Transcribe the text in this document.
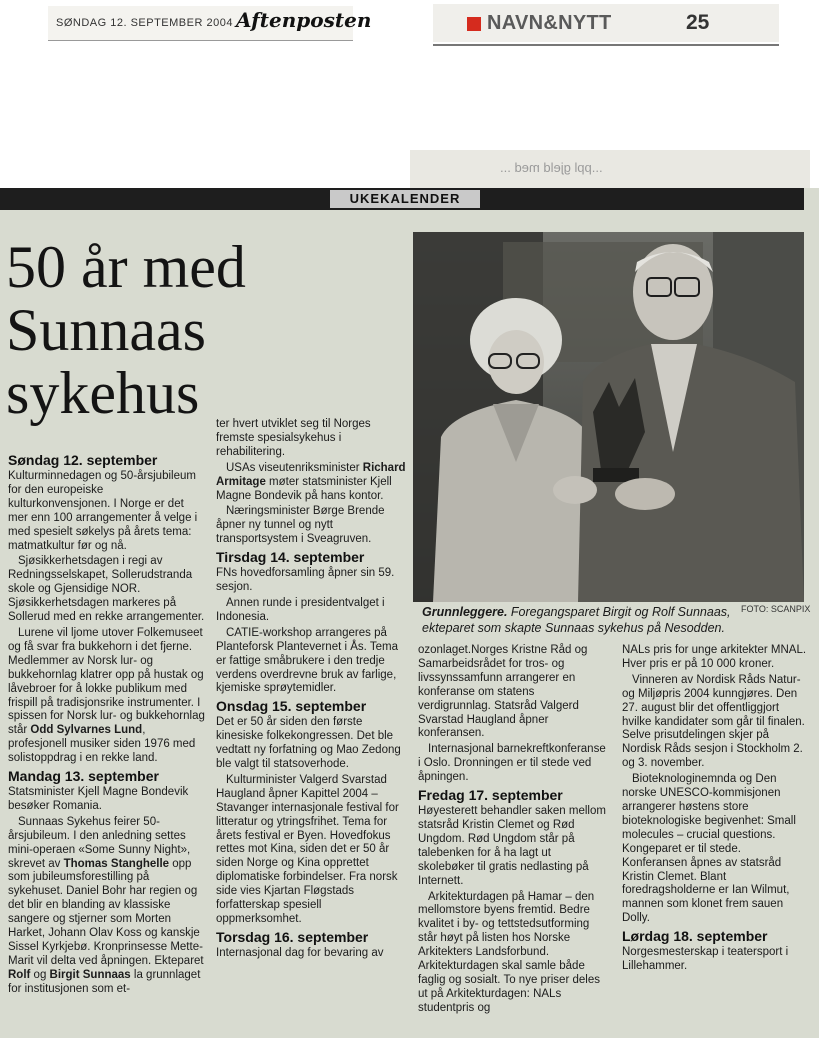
SØNDAG 12. SEPTEMBER 2004 Aftenposten	NAVN&NYTT	25
...ppl gjeld med ...
UKEKALENDER
50 år med Sunnaas sykehus
FOTO: SCANPIX
Grunnleggere. Foregangsparet Birgit og Rolf Sunnaas, ekteparet som skapte Sunnaas sykehus på Nesodden.
Søndag 12. september

Kulturminnedagen og 50-årsjubileum for den europeiske kulturkonvensjonen. I Norge er det mer enn 100 arrangementer å velge i med spesielt søkelys på årets tema: matmatkultur før og nå.

Sjøsikkerhetsdagen i regi av Redningsselskapet, Sollerudstranda skole og Gjensidige NOR. Sjøsikkerhetsdagen markeres på Sollerud med en rekke arrangementer.

Lurene vil ljome utover Folkemuseet og få svar fra bukkehorn i det fjerne. Medlemmer av Norsk lur- og bukkehornlag klatrer opp på hustak og låvebroer for å lokke publikum med frispill på tradisjonsrike instrumenter. I spissen for Norsk lur- og bukkehornlag står Odd Sylvarnes Lund, profesjonell musiker siden 1976 med solistoppdrag i en rekke land.

Mandag 13. september

Statsminister Kjell Magne Bondevik besøker Romania.

Sunnaas Sykehus feirer 50-årsjubileum. I den anledning settes mini-operaen «Some Sunny Night», skrevet av Thomas Stanghelle opp som jubileumsforestilling på sykehuset. Daniel Bohr har regien og det blir en blanding av klassiske sangere og stjerner som Morten Harket, Johann Olav Koss og kanskje Sissel Kyrkjebø. Kronprinsesse Mette-Marit vil delta ved åpningen. Ekteparet Rolf og Birgit Sunnaas la grunnlaget for institusjonen som et-

ter hvert utviklet seg til Norges fremste spesialsykehus i rehabilitering.

USAs viseutenriksminister Richard Armitage møter statsminister Kjell Magne Bondevik på hans kontor.

Næringsminister Børge Brende åpner ny tunnel og nytt transportsystem i Sveagruven.

Tirsdag 14. september

FNs hovedforsamling åpner sin 59. sesjon.

Annen runde i presidentvalget i Indonesia.

CATIE-workshop arrangeres på Planteforsk Plantevernet i Ås. Tema er fattige småbrukere i den tredje verdens overdrevne bruk av farlige, kjemiske sprøytemidler.

Onsdag 15. september

Det er 50 år siden den første kinesiske folkekongressen. Det ble vedtatt ny forfatning og Mao Zedong ble valgt til statsoverhode.

Kulturminister Valgerd Svarstad Haugland åpner Kapittel 2004 – Stavanger internasjonale festival for litteratur og ytringsfrihet. Tema for årets festival er Byen. Hovedfokus rettes mot Kina, siden det er 50 år siden Norge og Kina opprettet diplomatiske forbindelser. Fra norsk side vies Kjartan Fløgstads forfatterskap spesiell oppmerksomhet.

Torsdag 16. september

Internasjonal dag for bevaring av

ozonlaget.Norges Kristne Råd og Samarbeidsrådet for tros- og livssynssamfunn arrangerer en konferanse om statens verdigrunnlag. Statsråd Valgerd Svarstad Haugland åpner konferansen.

Internasjonal barnekreftkonferanse i Oslo. Dronningen er til stede ved åpningen.

Fredag 17. september

Høyesterett behandler saken mellom statsråd Kristin Clemet og Rød Ungdom. Rød Ungdom står på talebenken for å ha lagt ut skolebøker til gratis nedlasting på Internett.

Arkitekturdagen på Hamar – den mellomstore byens fremtid. Bedre kvalitet i by- og tettstedsutforming står høyt på listen hos Norske Arkitekters Landsforbund. Arkitekturdagen skal samle både faglig og sosialt. To nye priser deles ut på Arkitekturdagen: NALs studentpris og

NALs pris for unge arkitekter MNAL. Hver pris er på 10 000 kroner.

Vinneren av Nordisk Råds Natur- og Miljøpris 2004 kunngjøres. Den 27. august blir det offentliggjort hvilke kandidater som går til finalen. Selve prisutdelingen skjer på Nordisk Råds sesjon i Stockholm 2. og 3. november.

Bioteknologinemnda og Den norske UNESCO-kommisjonen arrangerer høstens store bioteknologiske begivenhet: Small molecules – crucial questions. Kongeparet er til stede. Konferansen åpnes av statsråd Kristin Clemet. Blant foredragsholderne er Ian Wilmut, mannen som klonet frem sauen Dolly.

Lørdag 18. september

Norgesmesterskap i teatersport i Lillehammer.
